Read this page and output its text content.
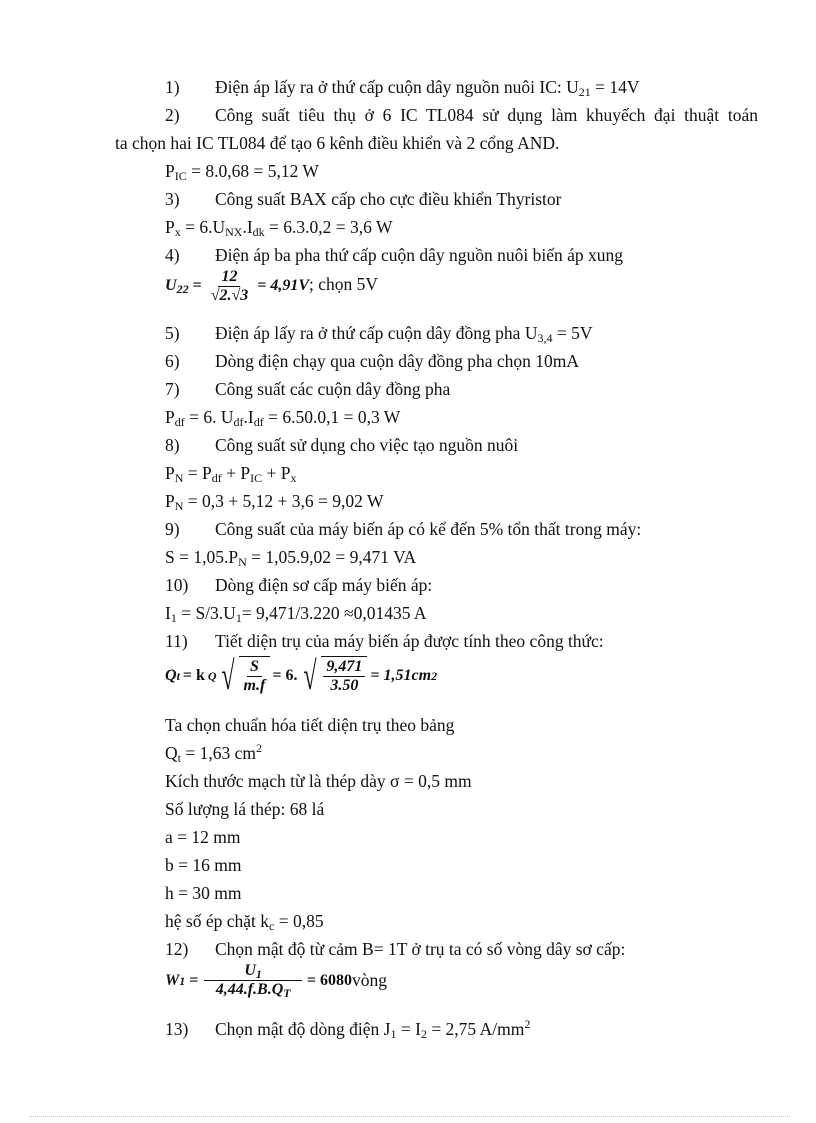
1) Điện áp lấy ra ở thứ cấp cuộn dây nguồn nuôi IC: $U_{21} = 14V$
2) Công suất tiêu thụ ở 6 IC TL084 sử dụng làm khuyếch đại thuật toán
ta chọn hai IC TL084 để tạo 6 kênh điều khiển và 2 cổng AND.
$P_{IC} = 8.0,68 = 5,12$ W
3) Công suất BAX cấp cho cực điều khiển Thyristor
$P_x = 6.U_{NX}.I_{dk} = 6.3.0,2 = 3,6$ W
4) Điện áp ba pha thứ cấp cuộn dây nguồn nuôi biến áp xung
$U_{22} = \frac{12}{√2.√3} = 4,91V$; chọn 5V
5) Điện áp lấy ra ở thứ cấp cuộn dây đồng pha $U_{3,4} = 5V$
6) Dòng điện chạy qua cuộn dây đồng pha chọn 10mA
7) Công suất các cuộn dây đồng pha
$P_{df} = 6$. $U_{df}.I_{df} = 6.50.0,1 = 0,3$ W
8) Công suất sử dụng cho việc tạo nguồn nuôi
$P_N = P_{df} + P_{IC} + P_x$
$P_N = 0,3 + 5,12 + 3,6 = 9,02$ W
9) Công suất của máy biến áp có kể đến 5% tổn thất trong máy:
$S = 1,05.P_N = 1,05.9,02 = 9,471$ VA
10) Dòng điện sơ cấp máy biến áp:
$I_1 = S/3.U_1= 9,471/3.220 \approx 0,01435$ A
11) Tiết diện trụ của máy biến áp được tính theo công thức:
Q t = k Q √ $\frac{S}{m.f} = 6$. √ $\frac{9,471}{3.50} = 1,51cm$ 2
Ta chọn chuẩn hóa tiết diện trụ theo bảng
$Q_t = 1,63$ $cm^2$
Kích thước mạch từ là thép dày σ = 0,5 mm
Số lượng lá thép: 68 lá
a = 12 mm
b = 16 mm
h = 30 mm
hệ số ép chặt $k_c = 0,85$
12) Chọn mật độ từ cảm B= 1T ở trụ ta có số vòng dây sơ cấp:
W $1 = \frac{U_1}{4,44.f.B.Q_T} = 6080$ vòng
13) Chọn mật độ dòng điện $J_1 = I_2 = 2,75$ $A/mm^2$
